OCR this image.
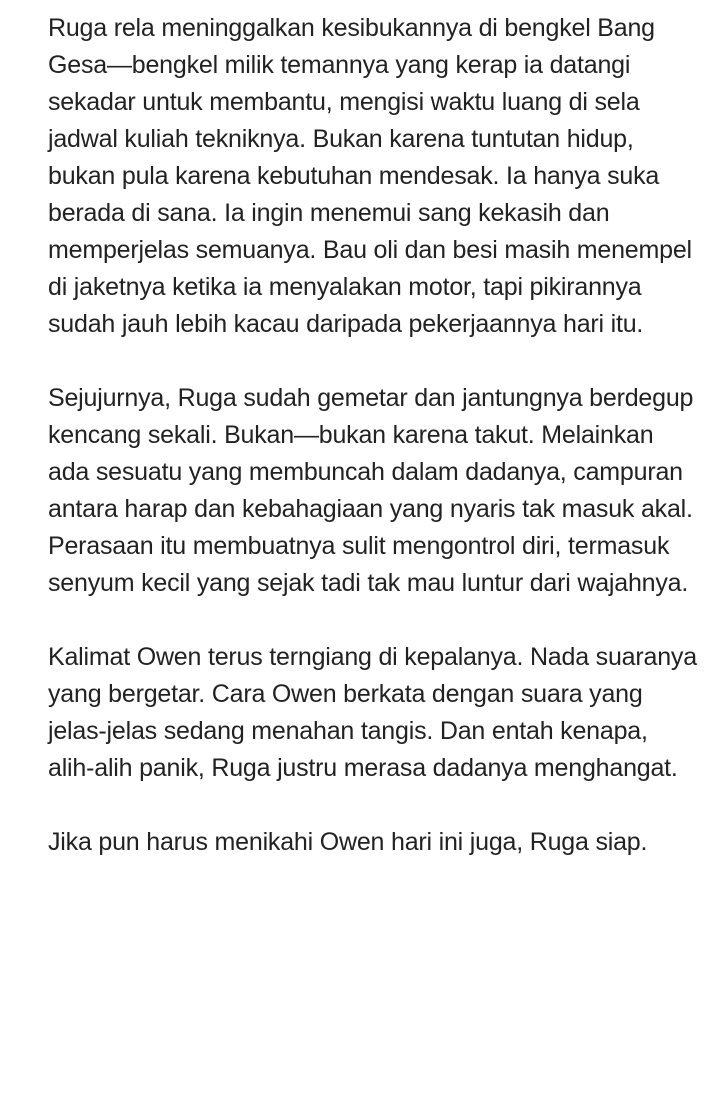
Ruga rela meninggalkan kesibukannya di bengkel Bang Gesa—bengkel milik temannya yang kerap ia datangi sekadar untuk membantu, mengisi waktu luang di sela jadwal kuliah tekniknya. Bukan karena tuntutan hidup, bukan pula karena kebutuhan mendesak. Ia hanya suka berada di sana. Ia ingin menemui sang kekasih dan memperjelas semuanya. Bau oli dan besi masih menempel di jaketnya ketika ia menyalakan motor, tapi pikirannya sudah jauh lebih kacau daripada pekerjaannya hari itu.

Sejujurnya, Ruga sudah gemetar dan jantungnya berdegup kencang sekali. Bukan—bukan karena takut. Melainkan ada sesuatu yang membuncah dalam dadanya, campuran antara harap dan kebahagiaan yang nyaris tak masuk akal. Perasaan itu membuatnya sulit mengontrol diri, termasuk senyum kecil yang sejak tadi tak mau luntur dari wajahnya.

Kalimat Owen terus terngiang di kepalanya. Nada suaranya yang bergetar. Cara Owen berkata dengan suara yang jelas-jelas sedang menahan tangis. Dan entah kenapa, alih-alih panik, Ruga justru merasa dadanya menghangat.

Jika pun harus menikahi Owen hari ini juga, Ruga siap.
